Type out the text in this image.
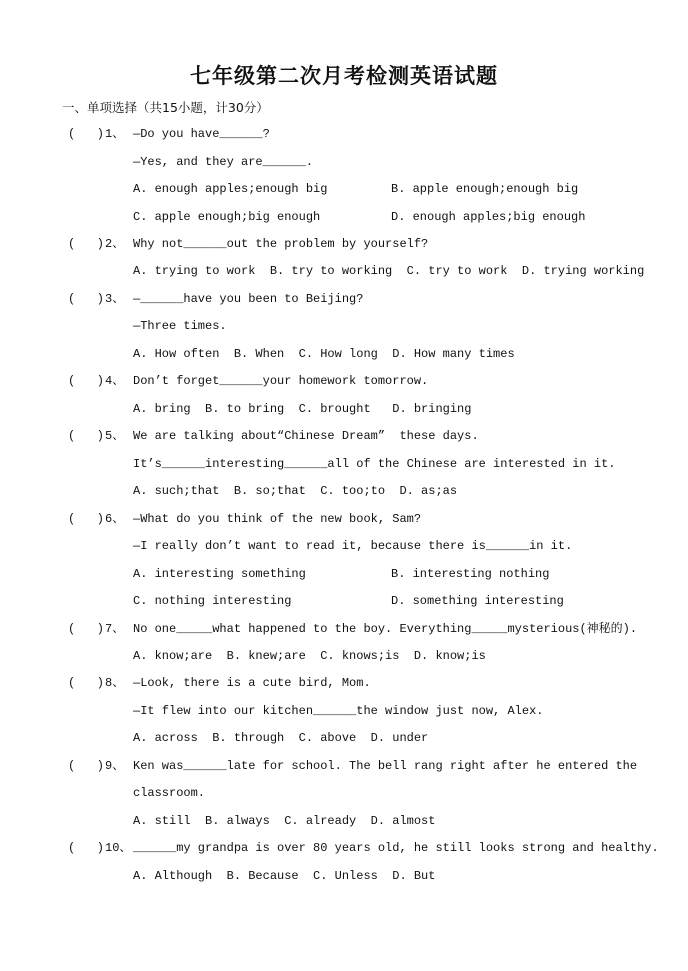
七年级第二次月考检测英语试题
一、单项选择（共15小题，计30分）
(   ) 1、 —Do you have______?
—Yes, and they are______.
A. enough apples;enough big	B. apple enough;enough big
C. apple enough;big enough	D. enough apples;big enough
(   ) 2、 Why not______out the problem by yourself?
A. trying to work  B. try to working  C. try to work  D. trying working
(   ) 3、 —______have you been to Beijing?
—Three times.
A. How often  B. When  C. How long  D. How many times
(   ) 4、 Don’t forget______your homework tomorrow.
A. bring  B. to bring  C. brought   D. bringing
(   ) 5、 We are talking about“Chinese Dream”  these days.
It’s______interesting______all of the Chinese are interested in it.
A. such;that  B. so;that  C. too;to  D. as;as
(   ) 6、 —What do you think of the new book, Sam?
—I really don’t want to read it, because there is______in it.
A. interesting something	B. interesting nothing
C. nothing interesting	D. something interesting
(   ) 7、 No one_____what happened to the boy. Everything_____mysterious(神秘的).
A. know;are  B. knew;are  C. knows;is  D. know;is
(   ) 8、 —Look, there is a cute bird, Mom.
—It flew into our kitchen______the window just now, Alex.
A. across  B. through  C. above  D. under
(   ) 9、 Ken was______late for school. The bell rang right after he entered the
classroom.
A. still  B. always  C. already  D. almost
(   ) 10、 ______my grandpa is over 80 years old, he still looks strong and healthy.
A. Although  B. Because  C. Unless  D. But
